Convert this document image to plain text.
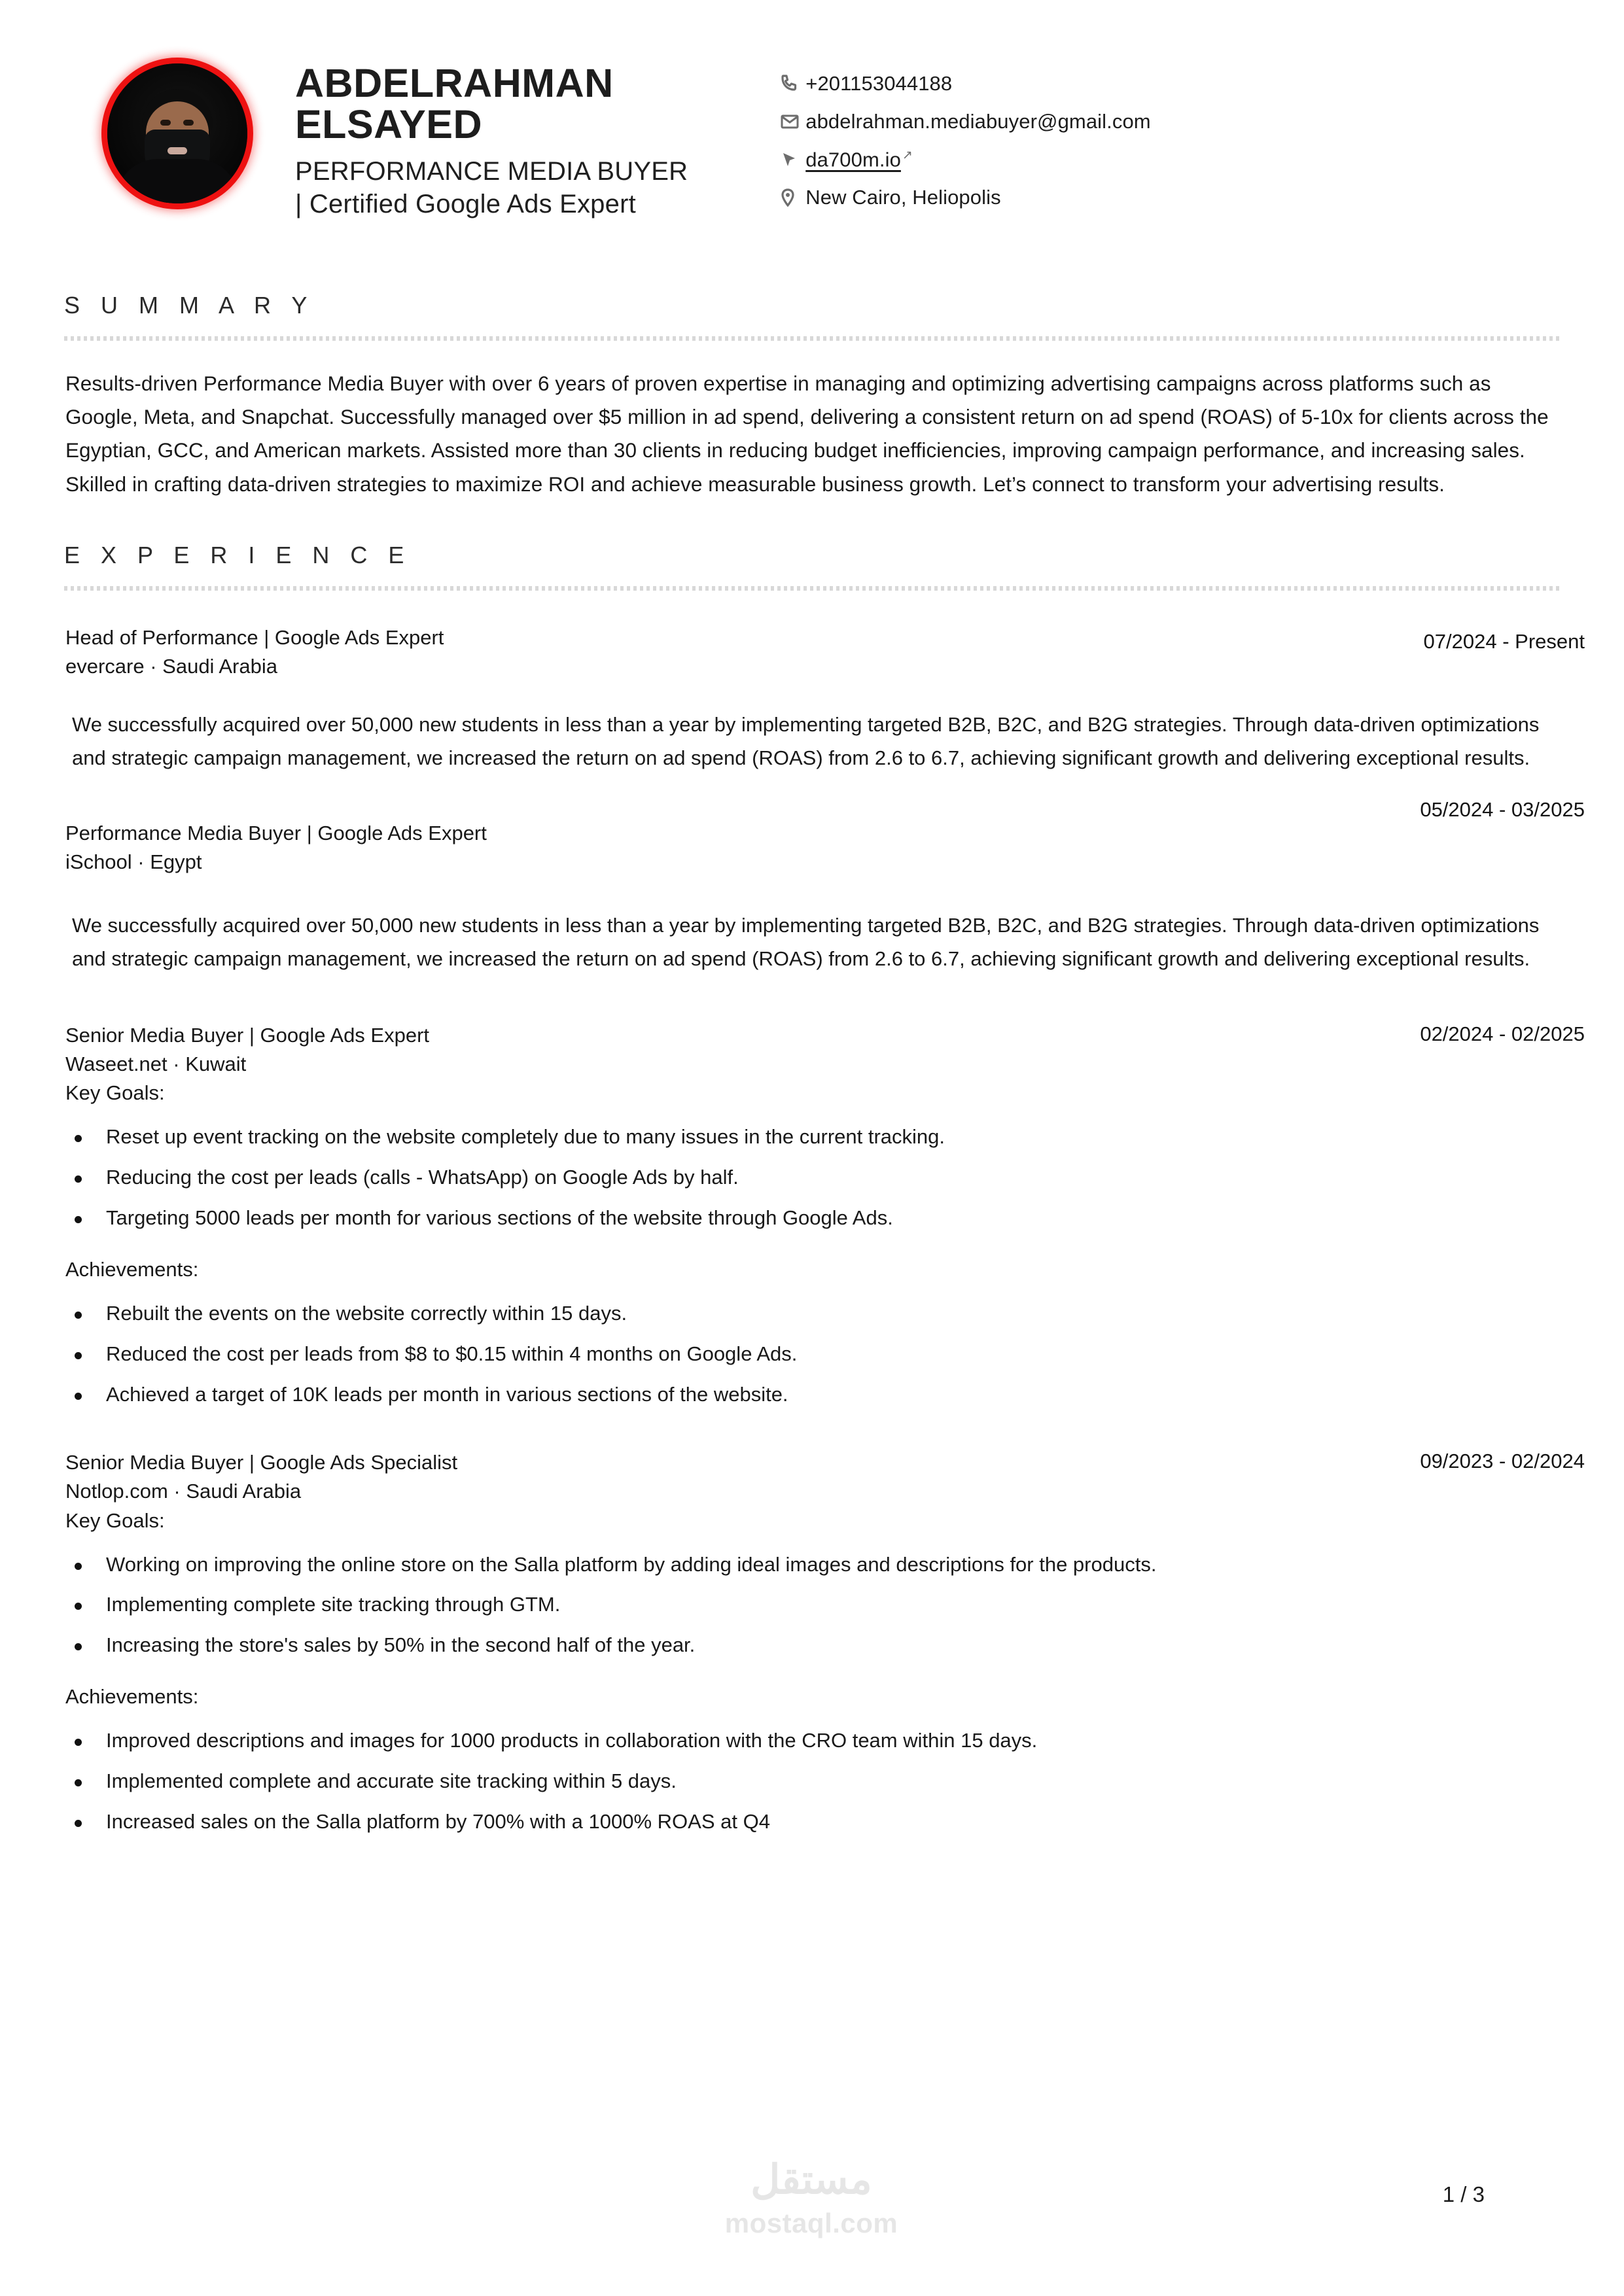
ABDELRAHMAN
ELSAYED
PERFORMANCE MEDIA BUYER
| Certified Google Ads Expert
+201153044188
abdelrahman.mediabuyer@gmail.com
da700m.io ↗
New Cairo, Heliopolis
S U M M A R Y
Results-driven Performance Media Buyer with over 6 years of proven expertise in managing and optimizing advertising campaigns across platforms such as Google, Meta, and Snapchat. Successfully managed over $5 million in ad spend, delivering a consistent return on ad spend (ROAS) of 5-10x for clients across the Egyptian, GCC, and American markets. Assisted more than 30 clients in reducing budget inefficiencies, improving campaign performance, and increasing sales. Skilled in crafting data-driven strategies to maximize ROI and achieve measurable business growth. Let’s connect to transform your advertising results.
E X P E R I E N C E
Head of Performance | Google Ads Expert
evercare · Saudi Arabia
07/2024 - Present
We successfully acquired over 50,000 new students in less than a year by implementing targeted B2B, B2C, and B2G strategies. Through data-driven optimizations and strategic campaign management, we increased the return on ad spend (ROAS) from 2.6 to 6.7, achieving significant growth and delivering exceptional results.
Performance Media Buyer | Google Ads Expert
iSchool · Egypt
05/2024 - 03/2025
We successfully acquired over 50,000 new students in less than a year by implementing targeted B2B, B2C, and B2G strategies. Through data-driven optimizations and strategic campaign management, we increased the return on ad spend (ROAS) from 2.6 to 6.7, achieving significant growth and delivering exceptional results.
Senior Media Buyer | Google Ads Expert
Waseet.net · Kuwait
02/2024 - 02/2025
Key Goals:
Reset up event tracking on the website completely due to many issues in the current tracking.
Reducing the cost per leads (calls - WhatsApp) on Google Ads by half.
Targeting 5000 leads per month for various sections of the website through Google Ads.
Achievements:
Rebuilt the events on the website correctly within 15 days.
Reduced the cost per leads from $8 to $0.15 within 4 months on Google Ads.
Achieved a target of 10K leads per month in various sections of the website.
Senior Media Buyer | Google Ads Specialist
Notlop.com · Saudi Arabia
09/2023 - 02/2024
Key Goals:
Working on improving the online store on the Salla platform by adding ideal images and descriptions for the products.
Implementing complete site tracking through GTM.
Increasing the store's sales by 50% in the second half of the year.
Achievements:
Improved descriptions and images for 1000 products in collaboration with the CRO team within 15 days.
Implemented complete and accurate site tracking within 5 days.
Increased sales on the Salla platform by 700% with a 1000% ROAS at Q4
مستقل
mostaql.com
1 / 3
